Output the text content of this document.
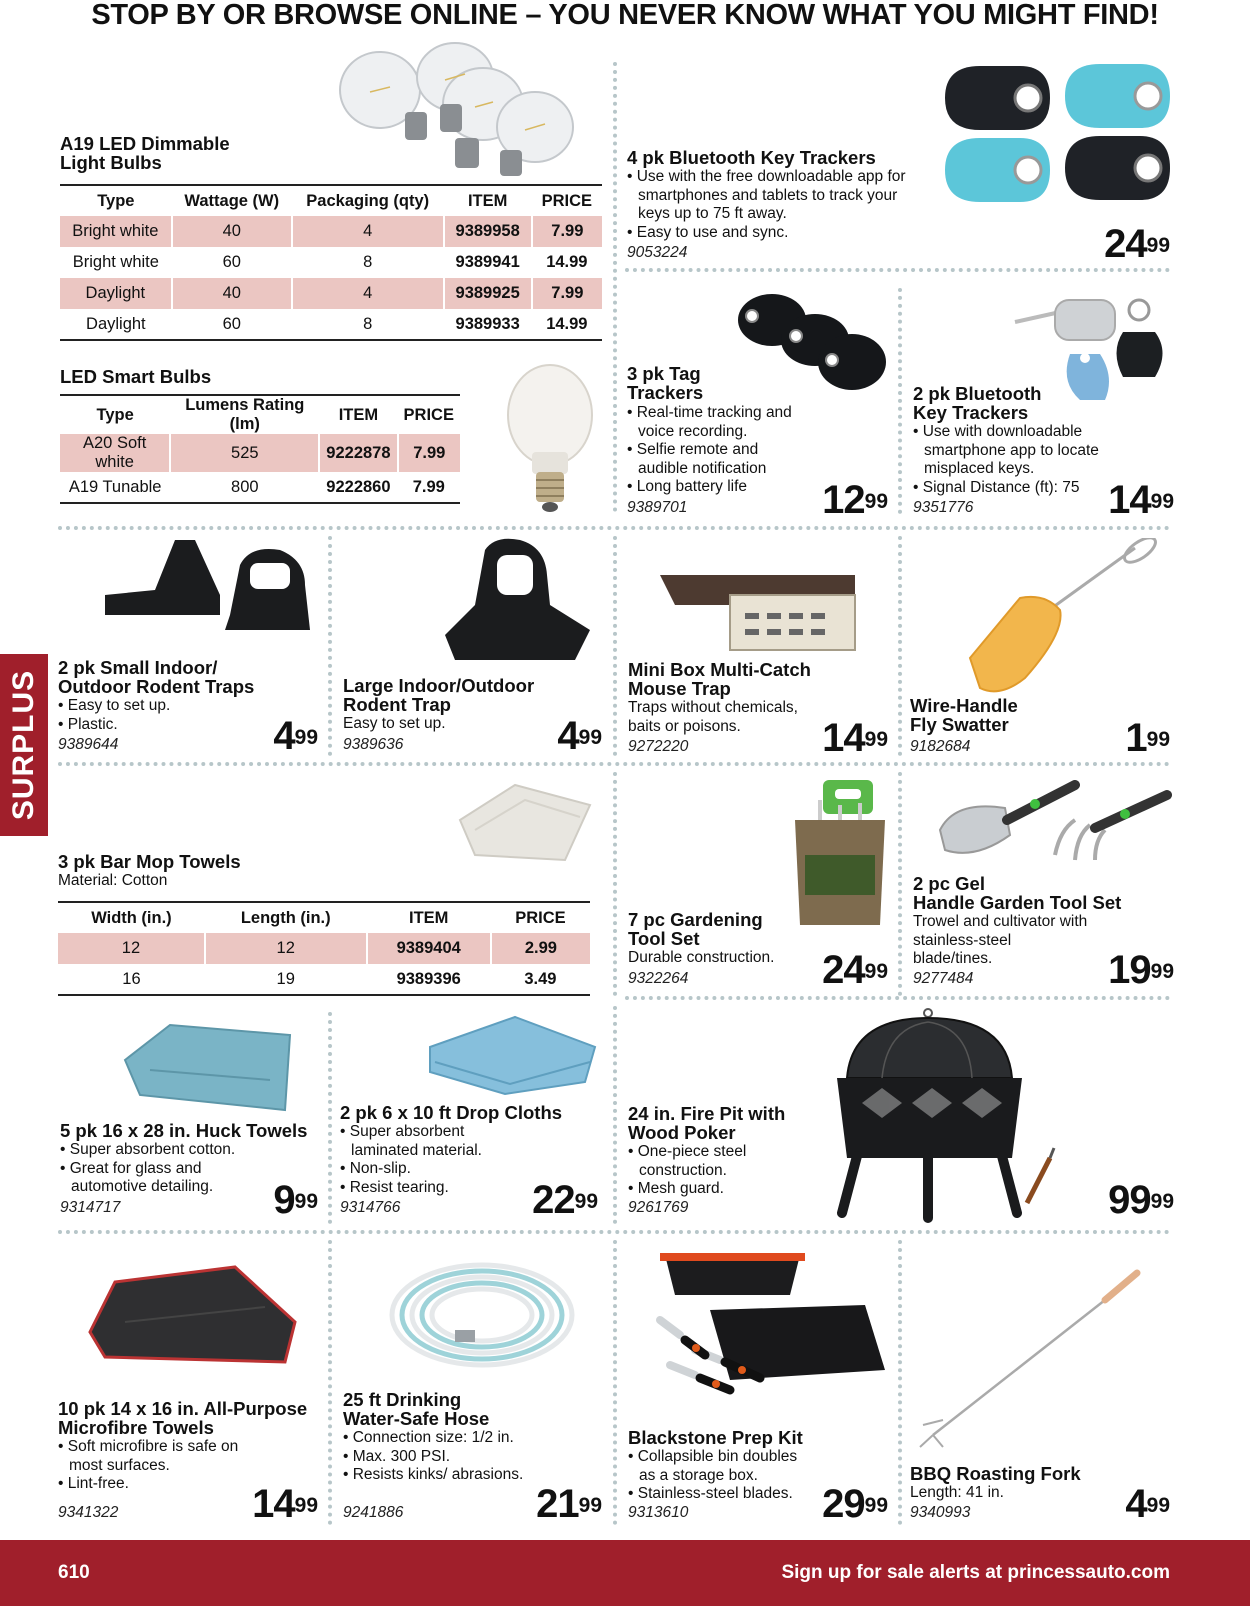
STOP BY OR BROWSE ONLINE – YOU NEVER KNOW WHAT YOU MIGHT FIND!
SURPLUS
A19 LED Dimmable
Light Bulbs
Type	Wattage (W)	Packaging (qty)	ITEM	PRICE
Bright white	40	4	9389958	7.99
Bright white	60	8	9389941	14.99
Daylight	40	4	9389925	7.99
Daylight	60	8	9389933	14.99
LED Smart Bulbs
Type	Lumens Rating (lm)	ITEM	PRICE
A20 Soft white	525	9222878	7.99
A19 Tunable	800	9222860	7.99
4 pk Bluetooth Key Trackers
• Use with the free downloadable app for smartphones and tablets to track your keys up to 75 ft away.
• Easy to use and sync.
9053224	$24^{99}$
3 pk Tag
Trackers
• Real-time tracking and voice recording.
• Selfie remote and audible notification
• Long battery life
9389701	$12^{99}$
2 pk Bluetooth
Key Trackers
• Use with downloadable smartphone app to locate misplaced keys.
• Signal Distance (ft): 75
9351776	$14^{99}$
2 pk Small Indoor/
Outdoor Rodent Traps
• Easy to set up.
• Plastic.
9389644	$4^{99}$
Large Indoor/Outdoor
Rodent Trap
Easy to set up.
9389636	$4^{99}$
Mini Box Multi-Catch
Mouse Trap
Traps without chemicals, baits or poisons.
9272220	$14^{99}$
Wire-Handle
Fly Swatter
9182684	$1^{99}$
3 pk Bar Mop Towels
Material: Cotton
Width (in.)	Length (in.)	ITEM	PRICE
12	12	9389404	2.99
16	19	9389396	3.49
7 pc Gardening
Tool Set
Durable construction.
9322264	$24^{99}$
2 pc Gel
Handle Garden Tool Set
Trowel and cultivator with stainless-steel blade/tines.
9277484	$19^{99}$
5 pk 16 x 28 in. Huck Towels
• Super absorbent cotton.
• Great for glass and automotive detailing.
9314717	$9^{99}$
2 pk 6 x 10 ft Drop Cloths
• Super absorbent laminated material.
• Non-slip.
• Resist tearing.
9314766	$22^{99}$
24 in. Fire Pit with
Wood Poker
• One-piece steel construction.
• Mesh guard.
9261769	$99^{99}$
10 pk 14 x 16 in. All-Purpose
Microfibre Towels
• Soft microfibre is safe on most surfaces.
• Lint-free.
9341322	$14^{99}$
25 ft Drinking
Water-Safe Hose
• Connection size: 1/2 in.
• Max. 300 PSI.
• Resists kinks/ abrasions.
9241886	$21^{99}$
Blackstone Prep Kit
• Collapsible bin doubles as a storage box.
• Stainless-steel blades.
9313610	$29^{99}$
BBQ Roasting Fork
Length: 41 in.
9340993	$4^{99}$
610	Sign up for sale alerts at princessauto.com
